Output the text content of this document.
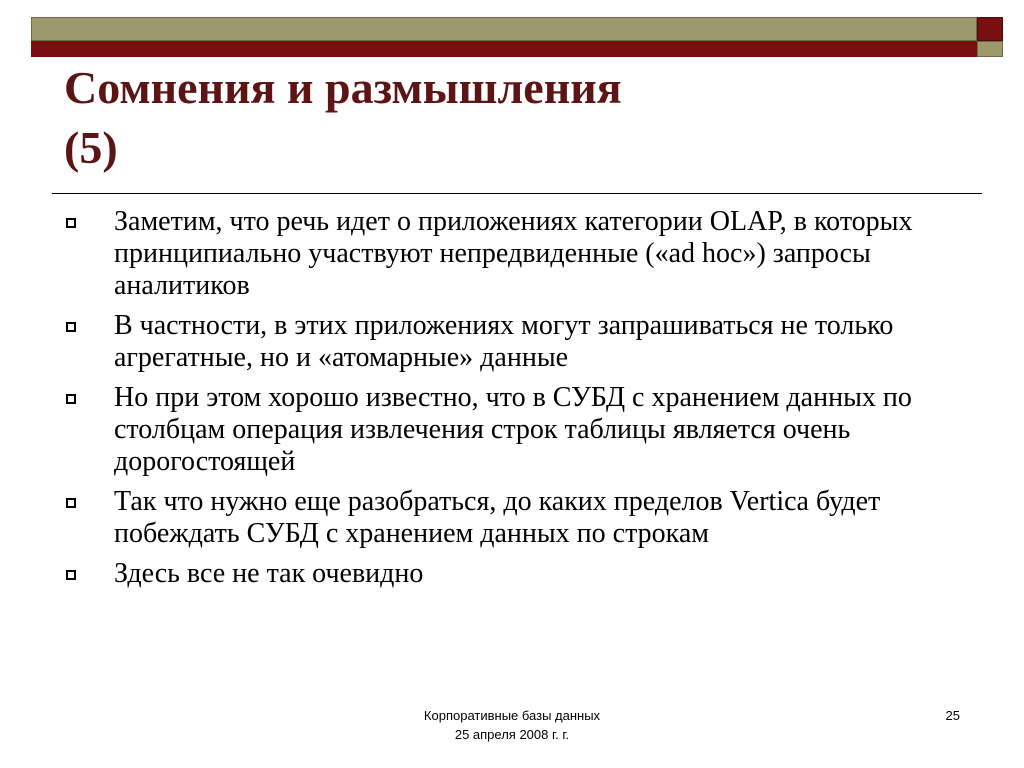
Сомнения и размышления
(5)
Заметим, что речь идет о приложениях категории OLAP, в которых принципиально участвуют непредвиденные («ad hoc») запросы аналитиков
В частности, в этих приложениях могут запрашиваться не только агрегатные, но и «атомарные» данные
Но при этом хорошо известно, что в СУБД с хранением данных по столбцам операция извлечения строк таблицы является очень дорогостоящей
Так что нужно еще разобраться, до каких пределов Vertica будет побеждать СУБД с хранением данных по строкам
Здесь все не так очевидно
Корпоративные базы данных
25 апреля 2008 г. г.
25
